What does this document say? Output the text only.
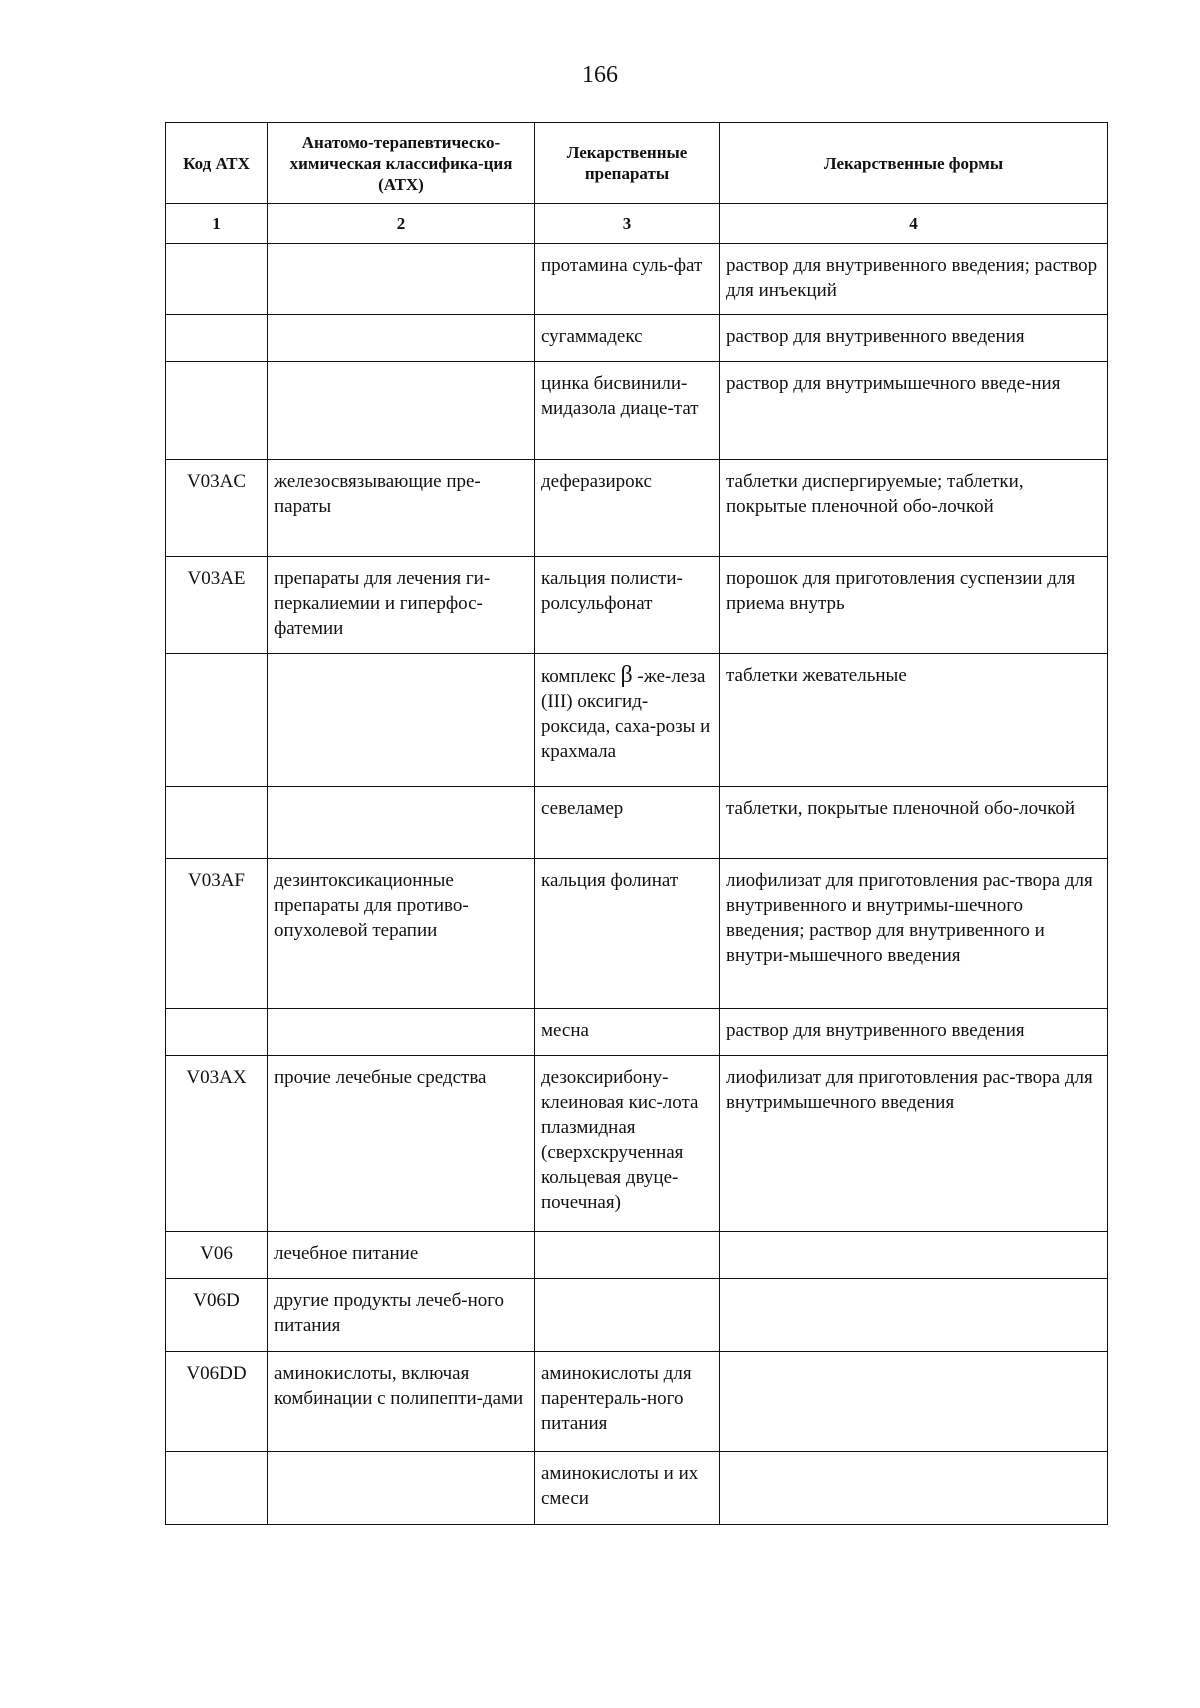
166
Код АТХ	Анатомо-терапевтическо-химическая классифика-ция (АТХ)	Лекарственные препараты	Лекарственные формы
1	2	3	4
		протамина суль-фат	раствор для внутривенного введения; раствор для инъекций
		сугаммадекс	раствор для внутривенного введения
		цинка бисвинили-мидазола диаце-тат	раствор для внутримышечного введе-ния
V03AC	железосвязывающие пре-параты	деферазирокс	таблетки диспергируемые; таблетки, покрытые пленочной обо-лочкой
V03AE	препараты для лечения ги-перкалиемии и гиперфос-фатемии	кальция полисти-ролсульфонат	порошок для приготовления суспензии для приема внутрь
		комплекс β -же-леза (III) оксигид-роксида, саха-розы и крахмала	таблетки жевательные
		севеламер	таблетки, покрытые пленочной обо-лочкой
V03AF	дезинтоксикационные препараты для противо-опухолевой терапии	кальция фолинат	лиофилизат для приготовления рас-твора для внутривенного и внутримы-шечного введения; раствор для внутривенного и внутри-мышечного введения
		месна	раствор для внутривенного введения
V03AX	прочие лечебные средства	дезоксирибону-клеиновая кис-лота плазмидная (сверхскрученная кольцевая двуце-почечная)	лиофилизат для приготовления рас-твора для внутримышечного введения
V06	лечебное питание		
V06D	другие продукты лечеб-ного питания		
V06DD	аминокислоты, включая комбинации с полипепти-дами	аминокислоты для парентераль-ного питания	
		аминокислоты и их смеси	
